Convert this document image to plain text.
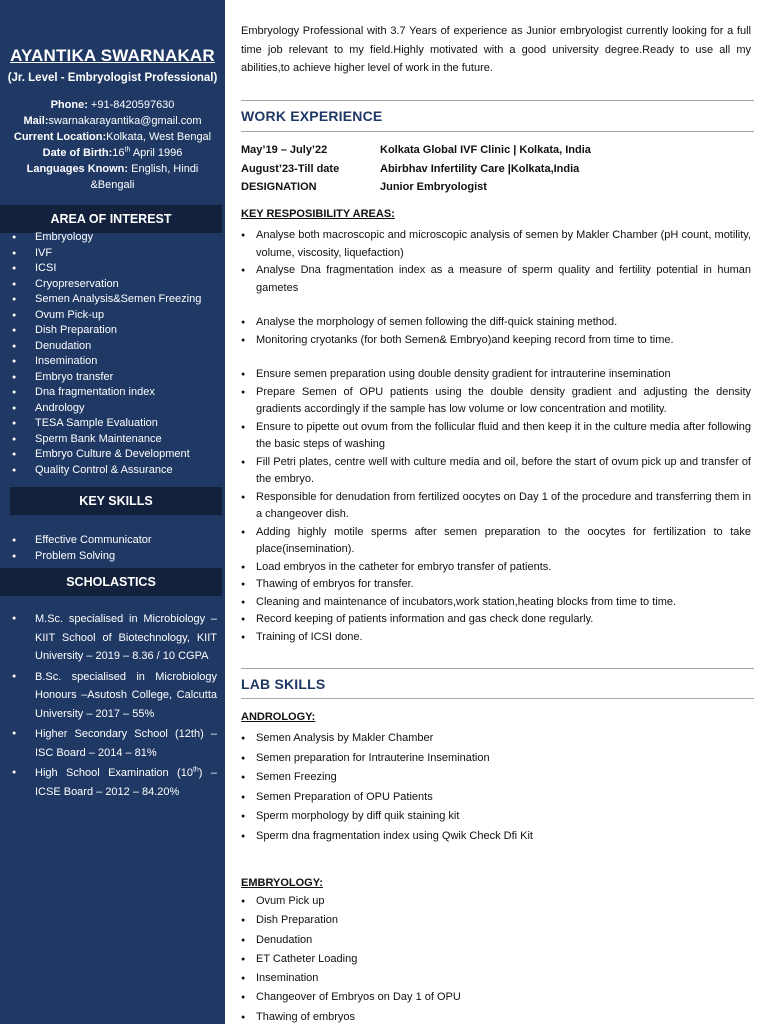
AYANTIKA SWARNAKAR
(Jr. Level - Embryologist Professional)
Phone: +91-8420597630
Mail:swarnakarayantika@gmail.com
Current Location:Kolkata, West Bengal
Date of Birth:16th April 1996
Languages Known: English, Hindi
&Bengali
AREA OF INTEREST
● Embryology
● IVF
● ICSI
● Cryopreservation
● Semen Analysis&Semen Freezing
● Ovum Pick-up
● Dish Preparation
● Denudation
● Insemination
● Embryo transfer
● Dna fragmentation index
● Andrology
● TESA Sample Evaluation
● Sperm Bank Maintenance
● Embryo Culture & Development
● Quality Control & Assurance
KEY SKILLS
● Effective Communicator
● Problem Solving
SCHOLASTICS
● M.Sc. specialised in Microbiology – KIIT School of Biotechnology, KIIT University – 2019 – 8.36 / 10 CGPA
● B.Sc. specialised in Microbiology Honours –Asutosh College, Calcutta University – 2017 – 55%
● Higher Secondary School (12th) – ISC Board – 2014 – 81%
● High School Examination (10th) – ICSE Board – 2012 – 84.20%
Embryology Professional with 3.7 Years of experience as Junior embryologist currently looking for a full time job relevant to my field.Highly motivated with a good university degree.Ready to use all my abilities,to achieve higher level of work in the future.
WORK EXPERIENCE
May’19 – July’22	Kolkata Global IVF Clinic | Kolkata, India
August’23-Till date	Abirbhav Infertility Care |Kolkata,India
DESIGNATION	Junior Embryologist
KEY RESPOSIBILITY AREAS:
● Analyse both macroscopic and microscopic analysis of semen by Makler Chamber (pH count, motility, volume, viscosity, liquefaction)
● Analyse Dna fragmentation index as a measure of sperm quality and fertility potential in human gametes
● Analyse the morphology of semen following the diff-quick staining method.
● Monitoring cryotanks (for both Semen& Embryo)and keeping record from time to time.
● Ensure semen preparation using double density gradient for intrauterine insemination
● Prepare Semen of OPU patients using the double density gradient and adjusting the density gradients accordingly if the sample has low volume or low concentration and motility.
● Ensure to pipette out ovum from the follicular fluid and then keep it in the culture media after following the basic steps of washing
● Fill Petri plates, centre well with culture media and oil, before the start of ovum pick up and transfer of the embryo.
● Responsible for denudation from fertilized oocytes on Day 1 of the procedure and transferring them in a changeover dish.
● Adding highly motile sperms after semen preparation to the oocytes for fertilization to take place(insemination).
● Load embryos in the catheter for embryo transfer of patients.
● Thawing of embryos for transfer.
● Cleaning and maintenance of incubators,work station,heating blocks from time to time.
● Record keeping of patients information and gas check done regularly.
● Training of ICSI done.
LAB SKILLS
ANDROLOGY:
● Semen Analysis by Makler Chamber
● Semen preparation for Intrauterine Insemination
● Semen Freezing
● Semen Preparation of OPU Patients
● Sperm morphology by diff quik staining kit
● Sperm dna fragmentation index using Qwik Check Dfi Kit
EMBRYOLOGY:
● Ovum Pick up
● Dish Preparation
● Denudation
● ET Catheter Loading
● Insemination
● Changeover of Embryos on Day 1 of OPU
● Thawing of embryos
